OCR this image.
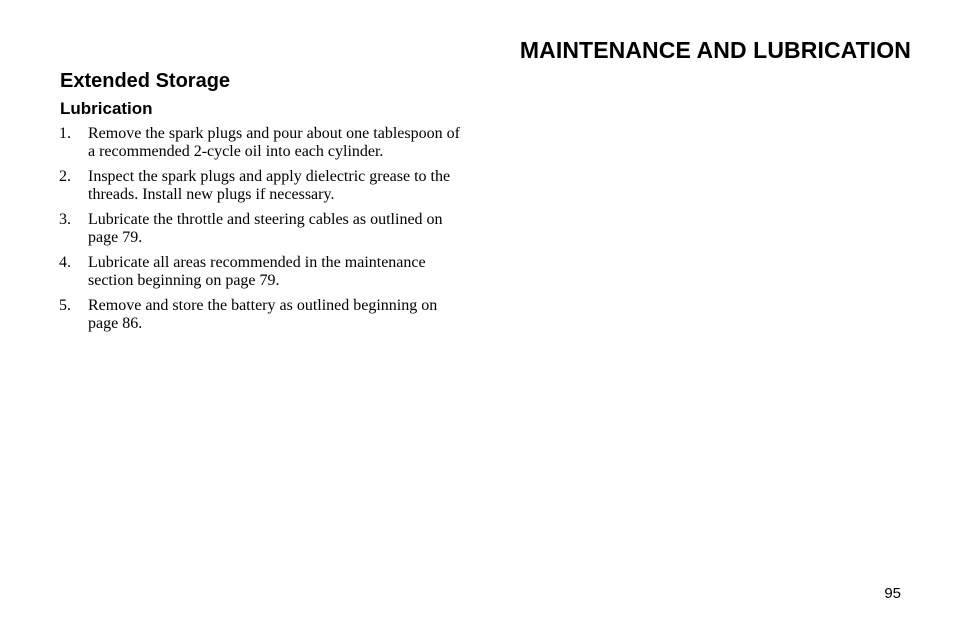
MAINTENANCE AND LUBRICATION
Extended Storage
Lubrication
1.	Remove the spark plugs and pour about one tablespoon of a recommended 2-cycle oil into each cylinder.
2.	Inspect the spark plugs and apply dielectric grease to the threads. Install new plugs if necessary.
3.	Lubricate the throttle and steering cables as outlined on page 79.
4.	Lubricate all areas recommended in the maintenance section beginning on page 79.
5.	Remove and store the battery as outlined beginning on page 86.

95
